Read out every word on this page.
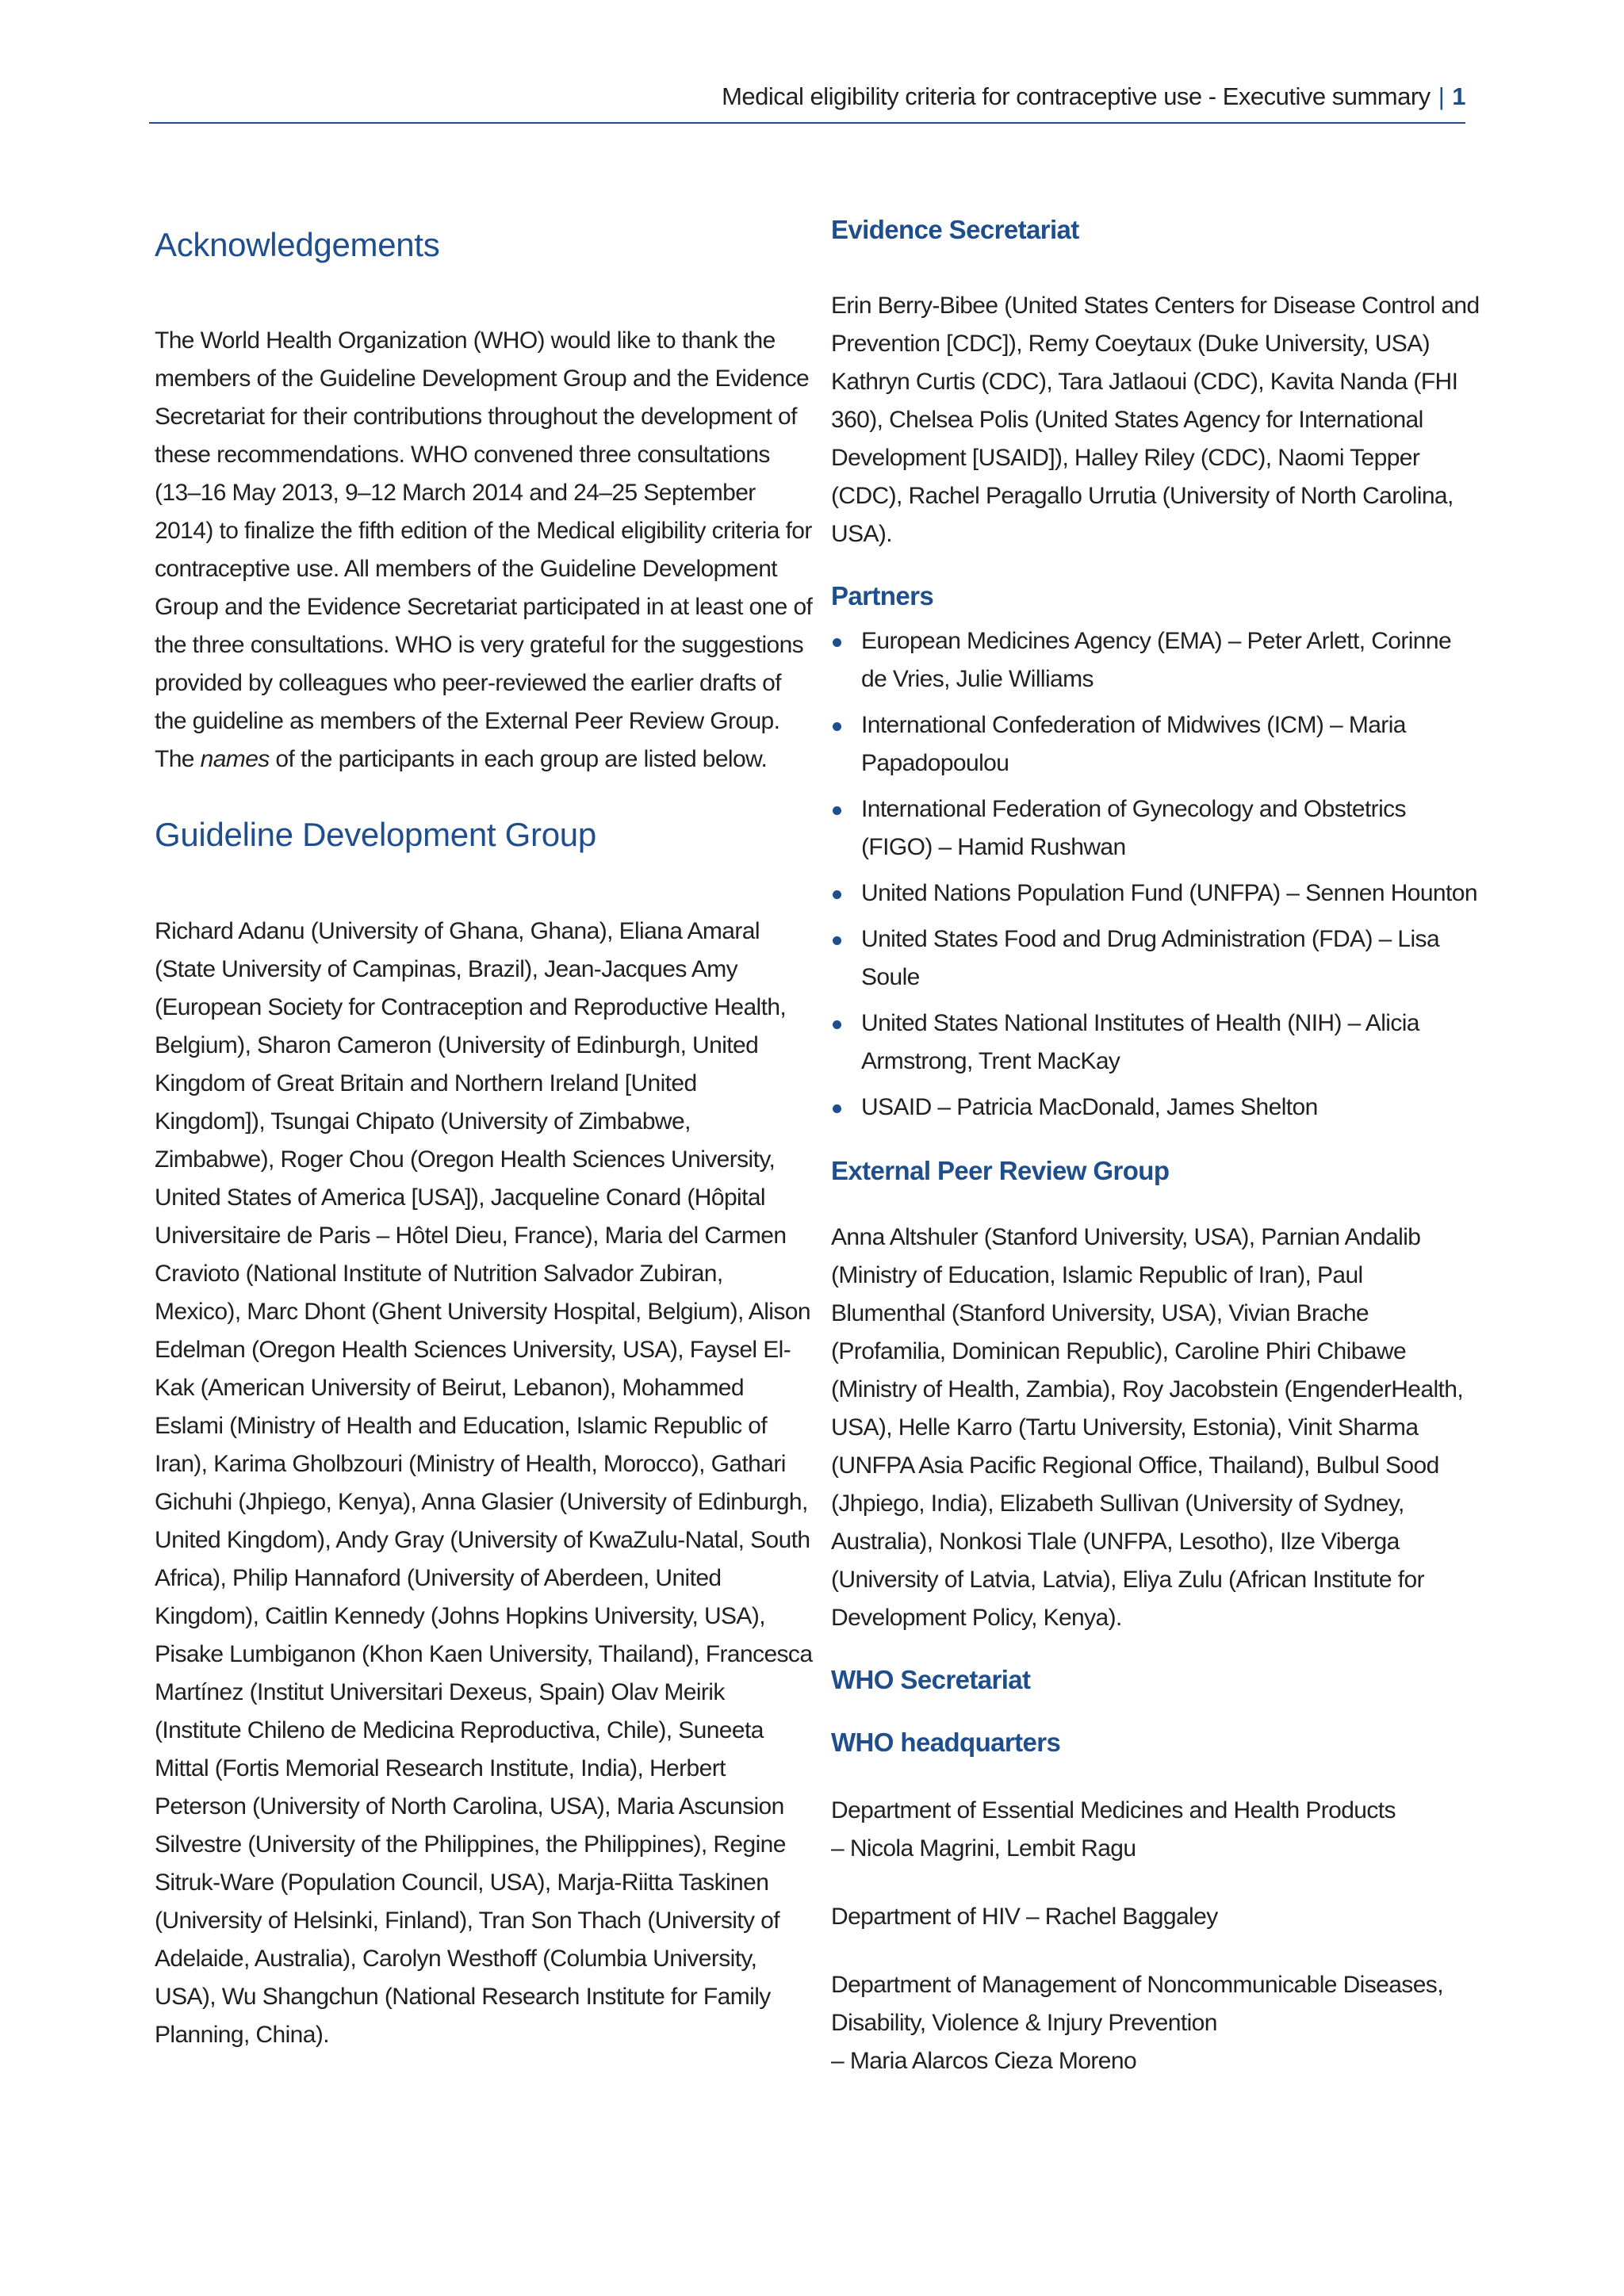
Medical eligibility criteria for contraceptive use - Executive summary | 1
Acknowledgements

The World Health Organization (WHO) would like to thank the members of the Guideline Development Group and the Evidence Secretariat for their contributions throughout the development of these recommendations. WHO convened three consultations (13–16 May 2013, 9–12 March 2014 and 24–25 September 2014) to finalize the fifth edition of the Medical eligibility criteria for contraceptive use. All members of the Guideline Development Group and the Evidence Secretariat participated in at least one of the three consultations. WHO is very grateful for the suggestions provided by colleagues who peer-reviewed the earlier drafts of the guideline as members of the External Peer Review Group. The names of the participants in each group are listed below.

Guideline Development Group

Richard Adanu (University of Ghana, Ghana), Eliana Amaral (State University of Campinas, Brazil), Jean-Jacques Amy (European Society for Contraception and Reproductive Health, Belgium), Sharon Cameron (University of Edinburgh, United Kingdom of Great Britain and Northern Ireland [United Kingdom]), Tsungai Chipato (University of Zimbabwe, Zimbabwe), Roger Chou (Oregon Health Sciences University, United States of America [USA]), Jacqueline Conard (Hôpital Universitaire de Paris – Hôtel Dieu, France), Maria del Carmen Cravioto (National Institute of Nutrition Salvador Zubiran, Mexico), Marc Dhont (Ghent University Hospital, Belgium), Alison Edelman (Oregon Health Sciences University, USA), Faysel El-Kak (American University of Beirut, Lebanon), Mohammed Eslami (Ministry of Health and Education, Islamic Republic of Iran), Karima Gholbzouri (Ministry of Health, Morocco), Gathari Gichuhi (Jhpiego, Kenya), Anna Glasier (University of Edinburgh, United Kingdom), Andy Gray (University of KwaZulu-Natal, South Africa), Philip Hannaford (University of Aberdeen, United Kingdom), Caitlin Kennedy (Johns Hopkins University, USA), Pisake Lumbiganon (Khon Kaen University, Thailand), Francesca Martínez (Institut Universitari Dexeus, Spain) Olav Meirik (Institute Chileno de Medicina Reproductiva, Chile), Suneeta Mittal (Fortis Memorial Research Institute, India), Herbert Peterson (University of North Carolina, USA), Maria Ascunsion Silvestre (University of the Philippines, the Philippines), Regine Sitruk-Ware (Population Council, USA), Marja-Riitta Taskinen (University of Helsinki, Finland), Tran Son Thach (University of Adelaide, Australia), Carolyn Westhoff (Columbia University, USA), Wu Shangchun (National Research Institute for Family Planning, China).

Evidence Secretariat

Erin Berry-Bibee (United States Centers for Disease Control and Prevention [CDC]), Remy Coeytaux (Duke University, USA) Kathryn Curtis (CDC), Tara Jatlaoui (CDC), Kavita Nanda (FHI 360), Chelsea Polis (United States Agency for International Development [USAID]), Halley Riley (CDC), Naomi Tepper (CDC), Rachel Peragallo Urrutia (University of North Carolina, USA).

Partners
European Medicines Agency (EMA) – Peter Arlett, Corinne de Vries, Julie Williams
International Confederation of Midwives (ICM) – Maria Papadopoulou
International Federation of Gynecology and Obstetrics (FIGO) – Hamid Rushwan
United Nations Population Fund (UNFPA) – Sennen Hounton
United States Food and Drug Administration (FDA) – Lisa Soule
United States National Institutes of Health (NIH) – Alicia Armstrong, Trent MacKay
USAID – Patricia MacDonald, James Shelton
External Peer Review Group

Anna Altshuler (Stanford University, USA), Parnian Andalib (Ministry of Education, Islamic Republic of Iran), Paul Blumenthal (Stanford University, USA), Vivian Brache (Profamilia, Dominican Republic), Caroline Phiri Chibawe (Ministry of Health, Zambia), Roy Jacobstein (EngenderHealth, USA), Helle Karro (Tartu University, Estonia), Vinit Sharma (UNFPA Asia Pacific Regional Office, Thailand), Bulbul Sood (Jhpiego, India), Elizabeth Sullivan (University of Sydney, Australia), Nonkosi Tlale (UNFPA, Lesotho), Ilze Viberga (University of Latvia, Latvia), Eliya Zulu (African Institute for Development Policy, Kenya).

WHO Secretariat
WHO headquarters

Department of Essential Medicines and Health Products
– Nicola Magrini, Lembit Ragu

Department of HIV – Rachel Baggaley

Department of Management of Noncommunicable Diseases, Disability, Violence & Injury Prevention
– Maria Alarcos Cieza Moreno
